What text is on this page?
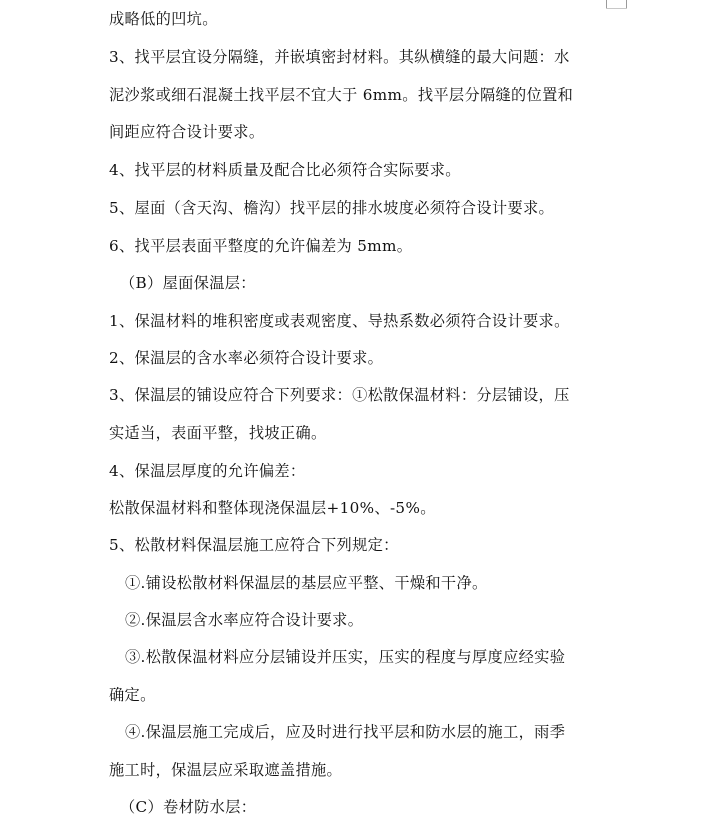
成略低的凹坑。
3、找平层宜设分隔缝，并嵌填密封材料。其纵横缝的最大问题：水
泥沙浆或细石混凝土找平层不宜大于 6mm。找平层分隔缝的位置和
间距应符合设计要求。
4、找平层的材料质量及配合比必须符合实际要求。
5、屋面（含天沟、檐沟）找平层的排水坡度必须符合设计要求。
6、找平层表面平整度的允许偏差为 5mm。
（B）屋面保温层：
1、保温材料的堆积密度或表观密度、导热系数必须符合设计要求。
2、保温层的含水率必须符合设计要求。
3、保温层的铺设应符合下列要求：①松散保温材料：分层铺设，压
实适当，表面平整，找坡正确。
4、保温层厚度的允许偏差：
松散保温材料和整体现浇保温层+10%、-5%。
5、松散材料保温层施工应符合下列规定：
①.铺设松散材料保温层的基层应平整、干燥和干净。
②.保温层含水率应符合设计要求。
③.松散保温材料应分层铺设并压实，压实的程度与厚度应经实验
确定。
④.保温层施工完成后，应及时进行找平层和防水层的施工，雨季
施工时，保温层应采取遮盖措施。
（C）卷材防水层：
